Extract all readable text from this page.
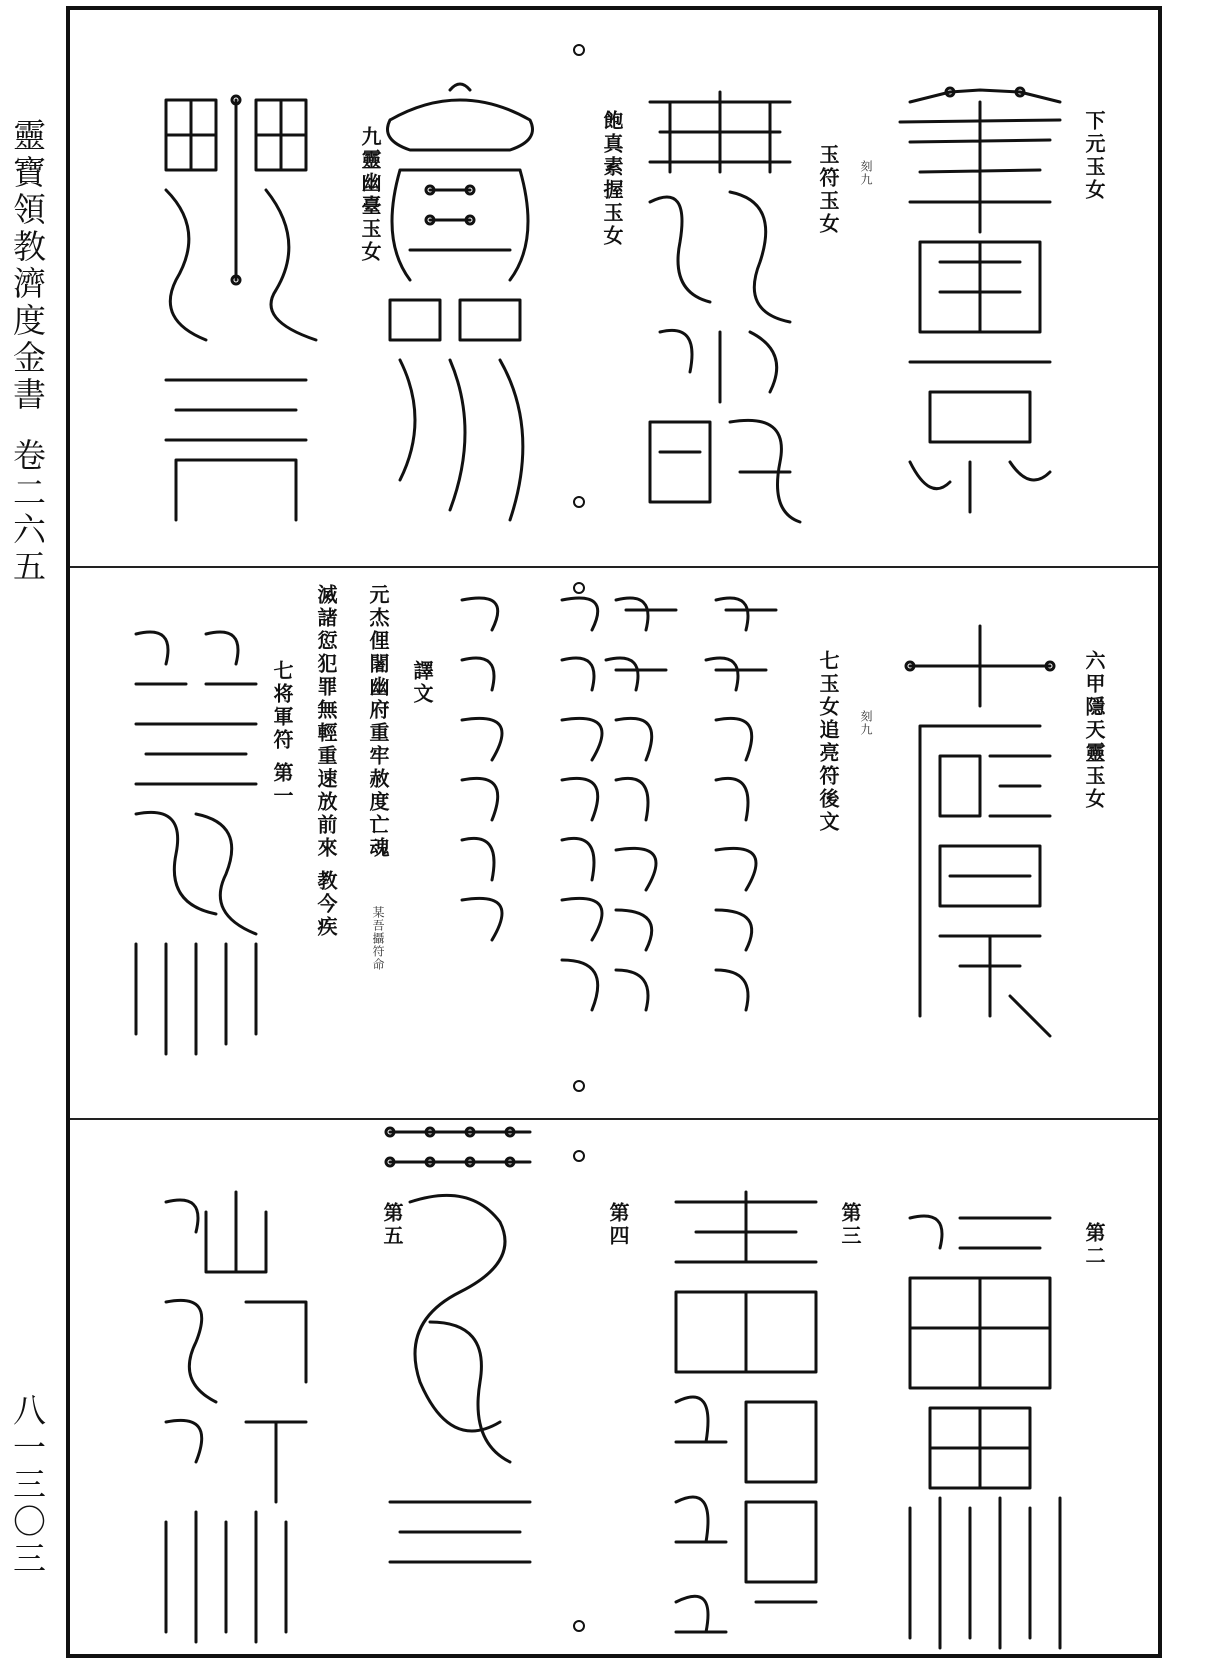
靈寶領教濟度金書
卷二六五
八一三〇三
下元玉女
刻九
玉符玉女
飽真素握玉女
九靈幽臺玉女
六甲隱天靈玉女
刻九
七玉女追亮符後文
譯文
元杰俚闍幽府重牢赦度亡魂
某吾攝符命
滅諸愆犯罪無輕重速放前來 教今疾
七将軍符 第一
第二
第三
第四
第五
